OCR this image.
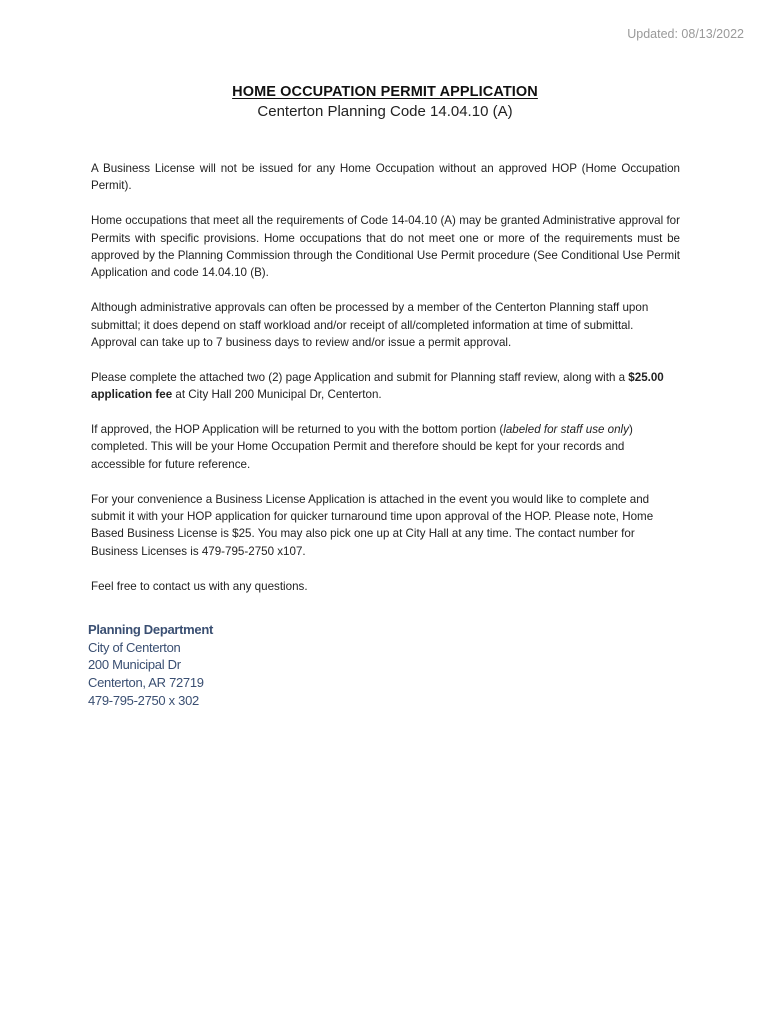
Updated: 08/13/2022
HOME OCCUPATION PERMIT APPLICATION
Centerton Planning Code 14.04.10 (A)

A Business License will not be issued for any Home Occupation without an approved HOP (Home Occupation Permit).

Home occupations that meet all the requirements of Code 14-04.10 (A) may be granted Administrative approval for Permits with specific provisions. Home occupations that do not meet one or more of the requirements must be approved by the Planning Commission through the Conditional Use Permit procedure (See Conditional Use Permit Application and code 14.04.10 (B).

Although administrative approvals can often be processed by a member of the Centerton Planning staff upon submittal; it does depend on staff workload and/or receipt of all/completed information at time of submittal. Approval can take up to 7 business days to review and/or issue a permit approval.

Please complete the attached two (2) page Application and submit for Planning staff review, along with a $25.00 application fee at City Hall 200 Municipal Dr, Centerton.

If approved, the HOP Application will be returned to you with the bottom portion (labeled for staff use only) completed. This will be your Home Occupation Permit and therefore should be kept for your records and accessible for future reference.

For your convenience a Business License Application is attached in the event you would like to complete and submit it with your HOP application for quicker turnaround time upon approval of the HOP. Please note, Home Based Business License is $25. You may also pick one up at City Hall at any time. The contact number for Business Licenses is 479-795-2750 x107.

Feel free to contact us with any questions.

Planning Department
City of Centerton
200 Municipal Dr
Centerton, AR 72719
479-795-2750 x 302
